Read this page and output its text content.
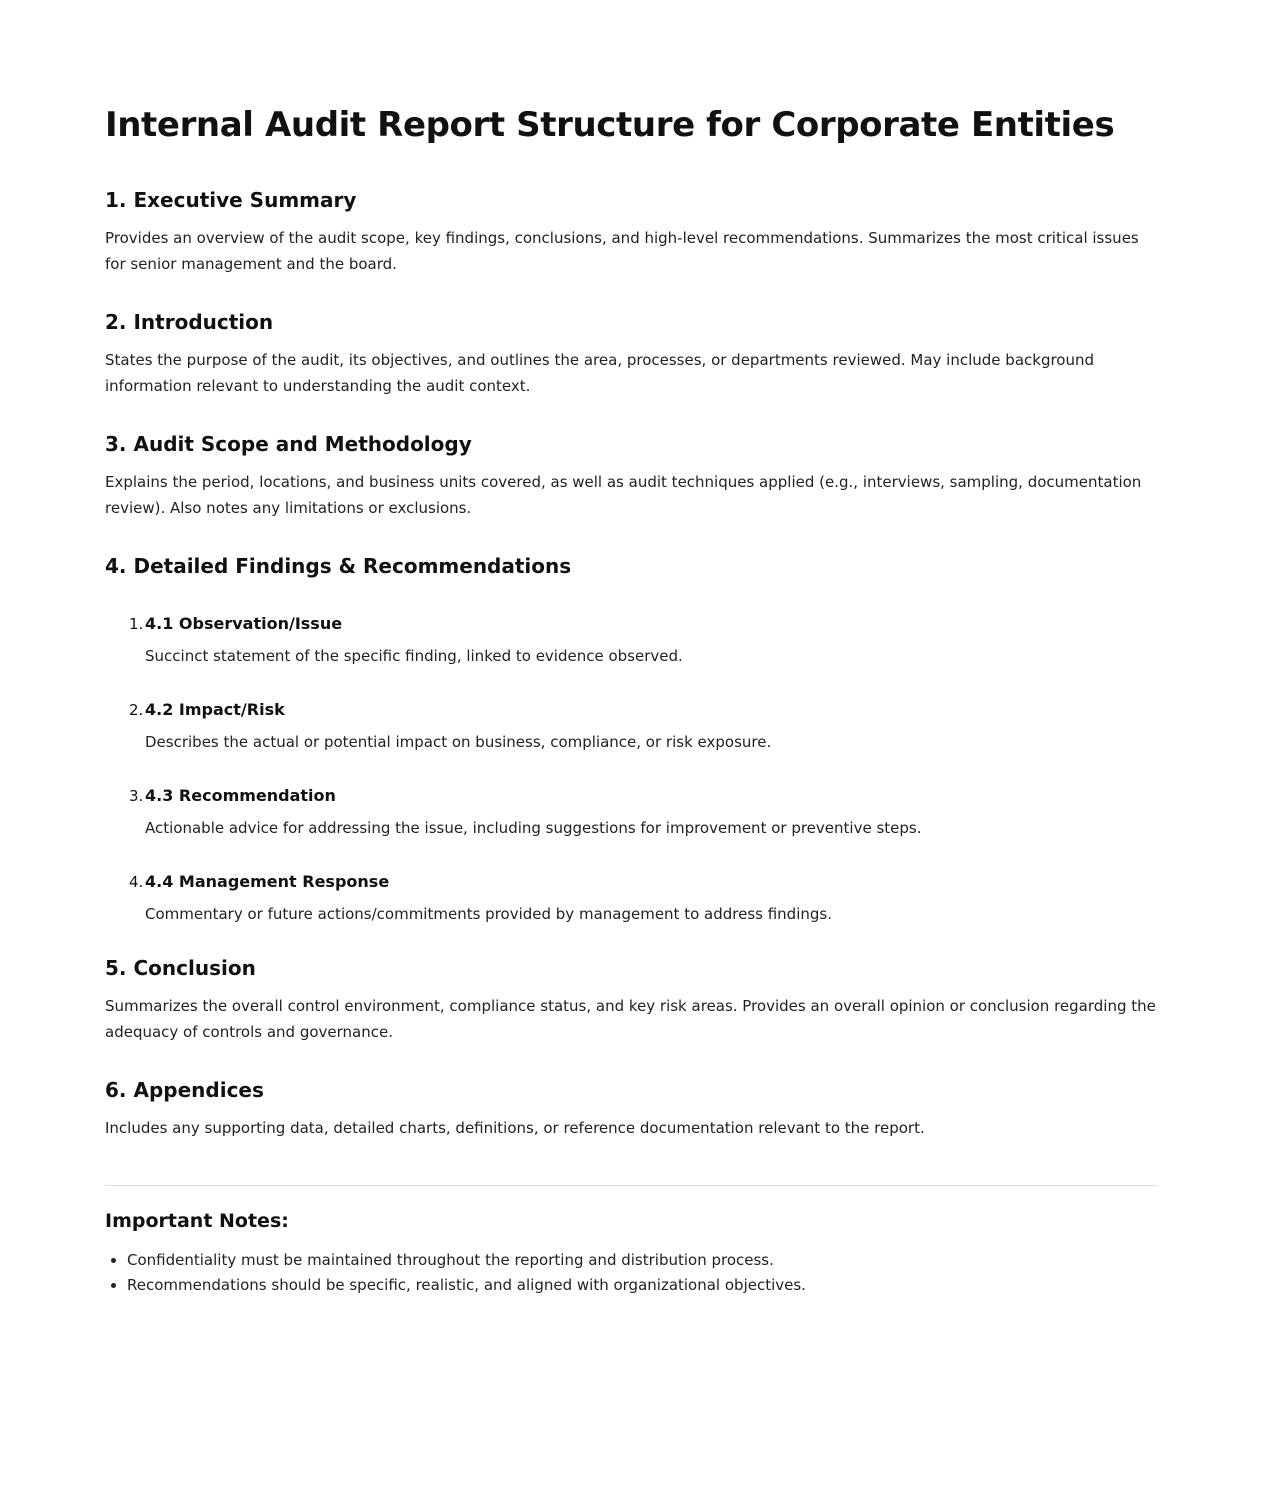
Internal Audit Report Structure for Corporate Entities
1. Executive Summary

Provides an overview of the audit scope, key findings, conclusions, and high-level recommendations. Summarizes the most critical issues for senior management and the board.

2. Introduction

States the purpose of the audit, its objectives, and outlines the area, processes, or departments reviewed. May include background information relevant to understanding the audit context.

3. Audit Scope and Methodology

Explains the period, locations, and business units covered, as well as audit techniques applied (e.g., interviews, sampling, documentation review). Also notes any limitations or exclusions.

4. Detailed Findings & Recommendations
1. 4.1 Observation/Issue
Succinct statement of the specific finding, linked to evidence observed.
2. 4.2 Impact/Risk
Describes the actual or potential impact on business, compliance, or risk exposure.
3. 4.3 Recommendation
Actionable advice for addressing the issue, including suggestions for improvement or preventive steps.
4. 4.4 Management Response
Commentary or future actions/commitments provided by management to address findings.
5. Conclusion

Summarizes the overall control environment, compliance status, and key risk areas. Provides an overall opinion or conclusion regarding the adequacy of controls and governance.

6. Appendices

Includes any supporting data, detailed charts, definitions, or reference documentation relevant to the report.

Important Notes:
• Confidentiality must be maintained throughout the reporting and distribution process.
• Recommendations should be specific, realistic, and aligned with organizational objectives.
